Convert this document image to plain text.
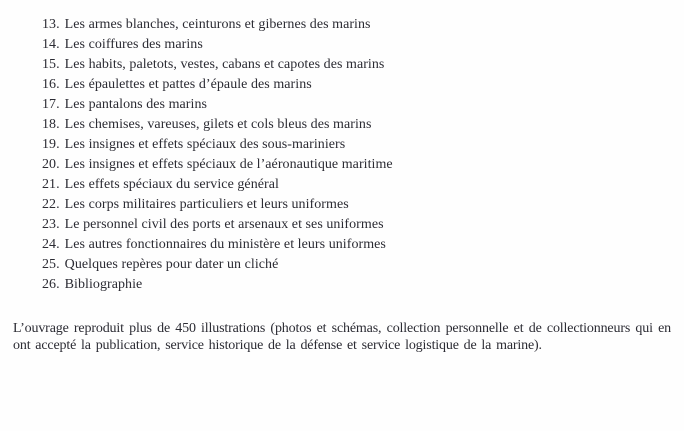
13. Les armes blanches, ceinturons et gibernes des marins
14. Les coiffures des marins
15. Les habits, paletots, vestes, cabans et capotes des marins
16. Les épaulettes et pattes d’épaule des marins
17. Les pantalons des marins
18. Les chemises, vareuses, gilets et cols bleus des marins
19. Les insignes et effets spéciaux des sous-mariniers
20. Les insignes et effets spéciaux de l’aéronautique maritime
21. Les effets spéciaux du service général
22. Les corps militaires particuliers et leurs uniformes
23. Le personnel civil des ports et arsenaux et ses uniformes
24. Les autres fonctionnaires du ministère et leurs uniformes
25. Quelques repères pour dater un cliché
26. Bibliographie

L’ouvrage reproduit plus de 450 illustrations (photos et schémas, collection personnelle et de collectionneurs qui en ont accepté la publication, service historique de la défense et service logistique de la marine).
